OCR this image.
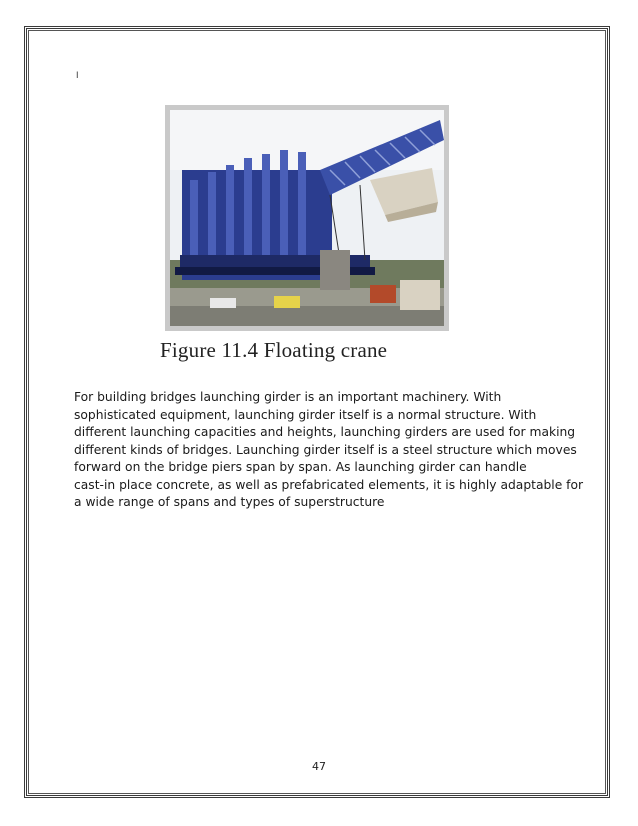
I
Figure 11.4 Floating crane
For building bridges launching girder is an important machinery. With
sophisticated equipment, launching girder itself is a normal structure. With
different launching capacities and heights, launching girders are used for making
different kinds of bridges. Launching girder itself is a steel structure which moves
forward on the bridge piers span by span. As launching girder can handle
cast-in place concrete, as well as prefabricated elements, it is highly adaptable for
a wide range of spans and types of superstructure
47
